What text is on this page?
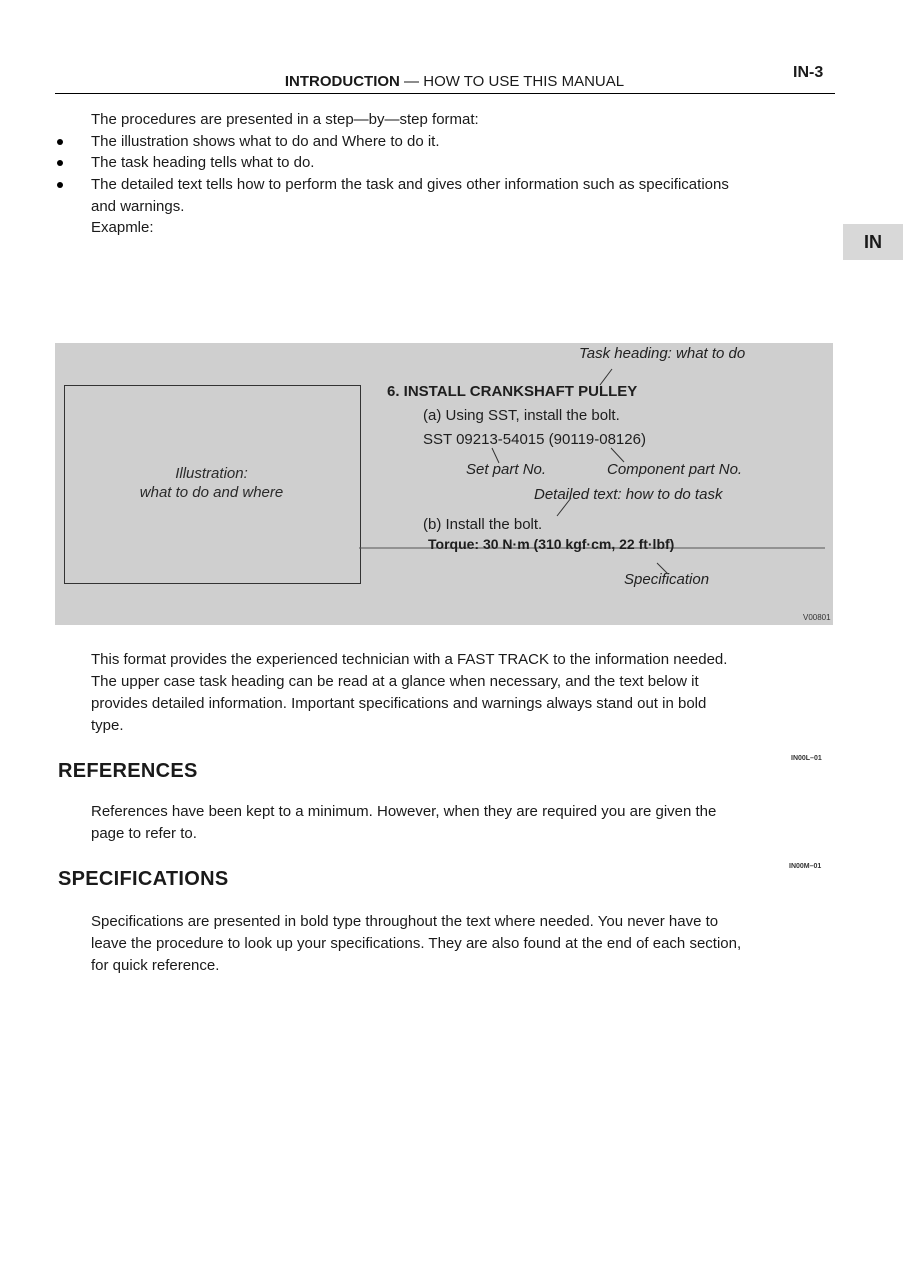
INTRODUCTION — HOW TO USE THIS MANUAL
IN-3
IN
The procedures are presented in a step—by—step format:
The illustration shows what to do and Where to do it.
The task heading tells what to do.
The detailed text tells how to perform the task and gives other information such as specifications
and warnings.
Exapmle:
Illustration:
what to do and where
Task heading: what to do
6. INSTALL CRANKSHAFT PULLEY
(a) Using SST, install the bolt.
SST 09213-54015 (90119-08126)
Set part No.	Component part No.
Detailed text: how to do task
(b) Install the bolt.
Torque: 30 N·m (310 kgf·cm, 22 ft·lbf)
Specification
V00801
This format provides the experienced technician with a FAST TRACK to the information needed.
The upper case task heading can be read at a glance when necessary, and the text below it
provides detailed information. Important specifications and warnings always stand out in bold
type.
IN00L–01
REFERENCES
References have been kept to a minimum. However, when they are required you are given the
page to refer to.
IN00M–01
SPECIFICATIONS
Specifications are presented in bold type throughout the text where needed. You never have to
leave the procedure to look up your specifications. They are also found at the end of each section,
for quick reference.
